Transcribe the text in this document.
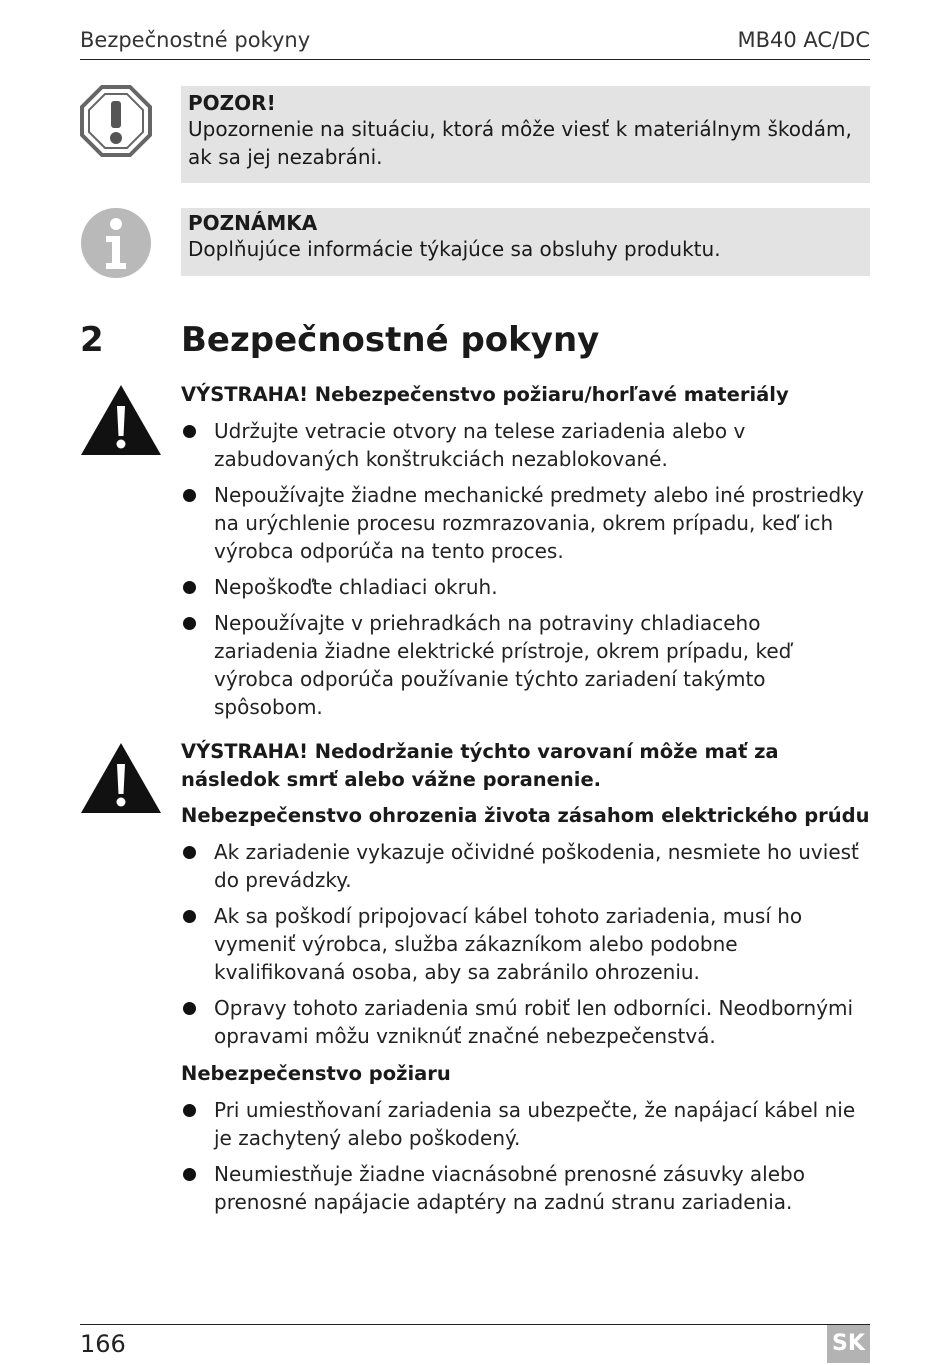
Bezpečnostné pokyny	MB40 AC/DC
POZOR!
Upozornenie na situáciu, ktorá môže viesť k materiálnym škodám, ak sa jej nezabráni.
POZNÁMKA
Doplňujúce informácie týkajúce sa obsluhy produktu.
2 Bezpečnostné pokyny
VÝSTRAHA! Nebezpečenstvo požiaru/horľavé materiály
Udržujte vetracie otvory na telese zariadenia alebo v zabudovaných konštrukciách nezablokované.
Nepoužívajte žiadne mechanické predmety alebo iné prostriedky na urýchlenie procesu rozmrazovania, okrem prípadu, keď ich výrobca odporúča na tento proces.
Nepoškoďte chladiaci okruh.
Nepoužívajte v priehradkách na potraviny chladiaceho zariadenia žiadne elektrické prístroje, okrem prípadu, keď výrobca odporúča používanie týchto zariadení takýmto spôsobom.
VÝSTRAHA! Nedodržanie týchto varovaní môže mať za následok smrť alebo vážne poranenie.
Nebezpečenstvo ohrozenia života zásahom elektrického prúdu
Ak zariadenie vykazuje očividné poškodenia, nesmiete ho uviesť do prevádzky.
Ak sa poškodí pripojovací kábel tohoto zariadenia, musí ho vymeniť výrobca, služba zákazníkom alebo podobne kvalifikovaná osoba, aby sa zabránilo ohrozeniu.
Opravy tohoto zariadenia smú robiť len odborníci. Neodbornými opravami môžu vzniknúť značné nebezpečenstvá.
Nebezpečenstvo požiaru
Pri umiestňovaní zariadenia sa ubezpečte, že napájací kábel nie je zachytený alebo poškodený.
Neumiestňuje žiadne viacnásobné prenosné zásuvky alebo prenosné napájacie adaptéry na zadnú stranu zariadenia.
166	SK
